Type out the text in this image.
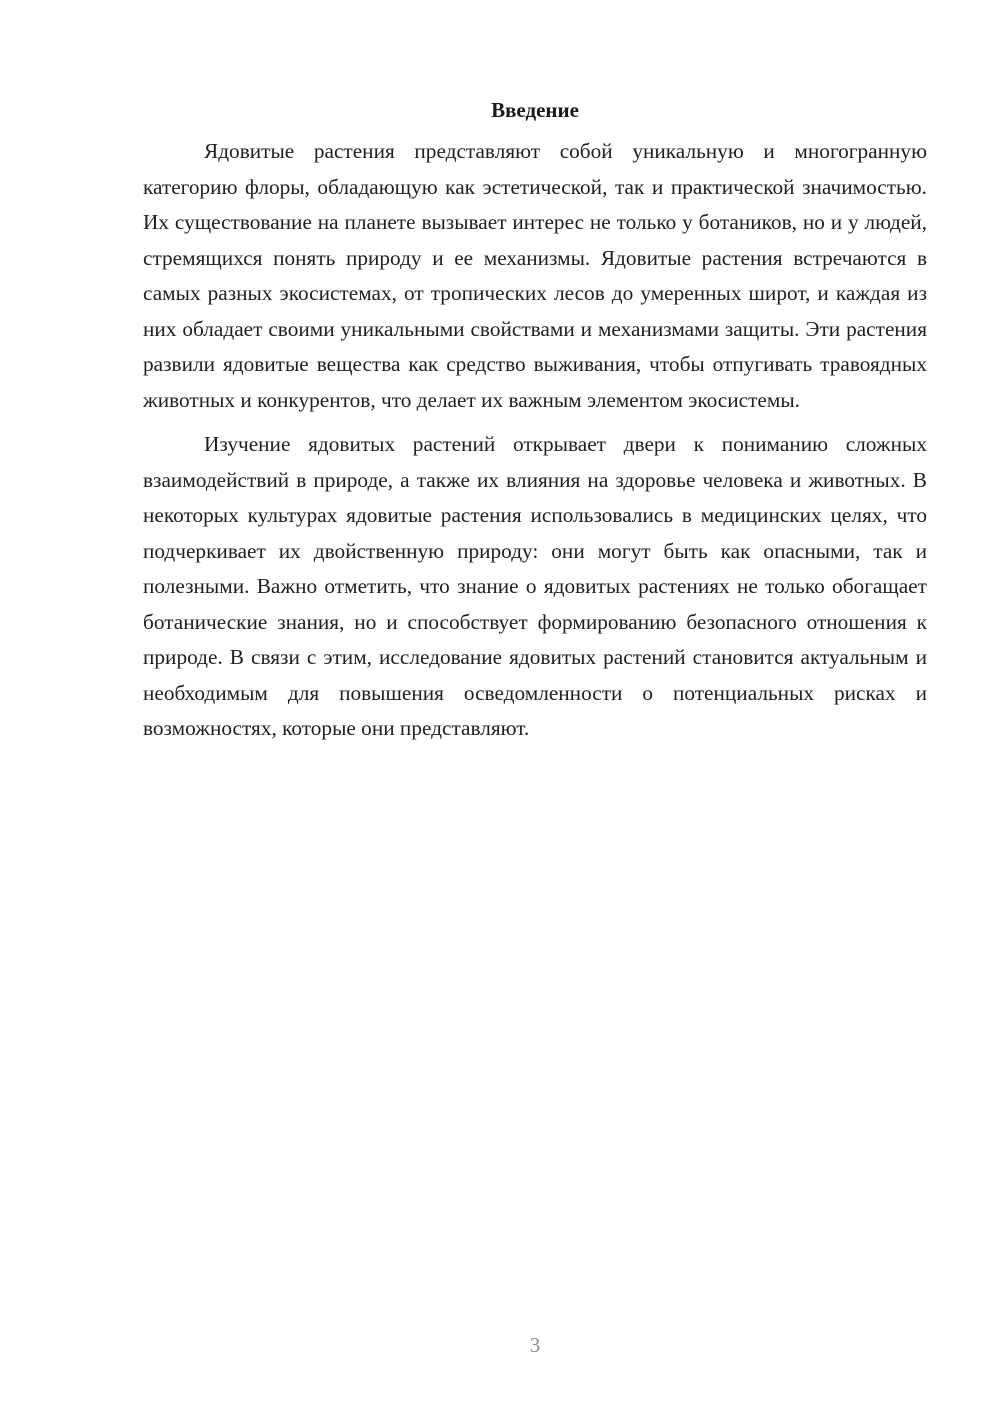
Введение

Ядовитые растения представляют собой уникальную и многогранную категорию флоры, обладающую как эстетической, так и практической значимостью. Их существование на планете вызывает интерес не только у ботаников, но и у людей, стремящихся понять природу и ее механизмы. Ядовитые растения встречаются в самых разных экосистемах, от тропических лесов до умеренных широт, и каждая из них обладает своими уникальными свойствами и механизмами защиты. Эти растения развили ядовитые вещества как средство выживания, чтобы отпугивать травоядных животных и конкурентов, что делает их важным элементом экосистемы.

Изучение ядовитых растений открывает двери к пониманию сложных взаимодействий в природе, а также их влияния на здоровье человека и животных. В некоторых культурах ядовитые растения использовались в медицинских целях, что подчеркивает их двойственную природу: они могут быть как опасными, так и полезными. Важно отметить, что знание о ядовитых растениях не только обогащает ботанические знания, но и способствует формированию безопасного отношения к природе. В связи с этим, исследование ядовитых растений становится актуальным и необходимым для повышения осведомленности о потенциальных рисках и возможностях, которые они представляют.

3
